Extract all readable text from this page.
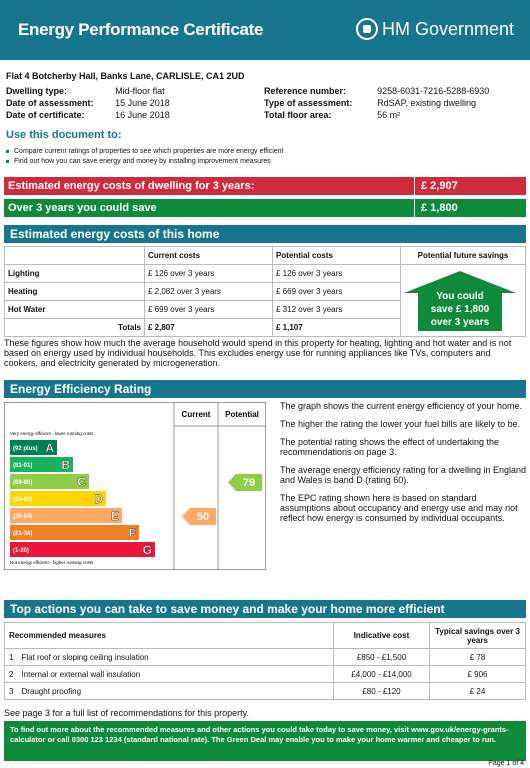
Energy Performance Certificate	HM Government
Flat 4 Botcherby Hall, Banks Lane, CARLISLE, CA1 2UD
Dwelling type:	Mid-floor flat	Reference number:	9258-6031-7216-5288-6930
Date of assessment:	15 June 2018	Type of assessment:	RdSAP, existing dwelling
Date of certificate:	16 June 2018	Total floor area:	56 m²
Use this document to:
Compare current ratings of properties to see which properties are more energy efficient
Find out how you can save energy and money by installing improvement measures
Estimated energy costs of dwelling for 3 years:	£ 2,907
Over 3 years you could save	£ 1,800
Estimated energy costs of this home
	Current costs	Potential costs	Potential future savings
Lighting	£ 126 over 3 years	£ 126 over 3 years	
Heating	£ 2,082 over 3 years	£ 669 over 3 years	
Hot Water	£ 699 over 3 years	£ 312 over 3 years	
Totals	£ 2,807	£ 1,107	
You could
save £ 1,800
over 3 years
These figures show how much the average household would spend in this property for heating, lighting and hot water and is not based on energy used by individual households. This excludes energy use for running appliances like TVs, computers and cookers, and electricity generated by microgeneration.
Energy Efficiency Rating
Current Potential
Very energy efficient - lower running costs
Not energy efficient - higher running costs
(92 plus) A
(81-91) B
(69-80)	C
(55-68)	D
(39-54)	E
(21-38)	F
(1-20)	G
50
79

The graph shows the current energy efficiency of your home.

The higher the rating the lower your fuel bills are likely to be.

The potential rating shows the effect of undertaking the recommendations on page 3.

The average energy efficiency rating for a dwelling in England and Wales is band D (rating 60).

The EPC rating shown here is based on standard assumptions about occupancy and energy use and may not reflect how energy is consumed by individual occupants.

Top actions you can take to save money and make your home more efficient
Recommended measures		Indicative cost	Typical savings over 3 years
1	Flat roof or sloping ceiling insulation	£850 - £1,500	£ 78
2	Internal or external wall insulation	£4,000 - £14,000	£ 906
3	Draught proofing	£80 - £120	£ 24
See page 3 for a full list of recommendations for this property.
To find out more about the recommended measures and other actions you could take today to save money, visit www.gov.uk/energy-grants-calculator or call 0300 123 1234 (standard national rate). The Green Deal may enable you to make your home warmer and cheaper to run.
Page 1 of 4
